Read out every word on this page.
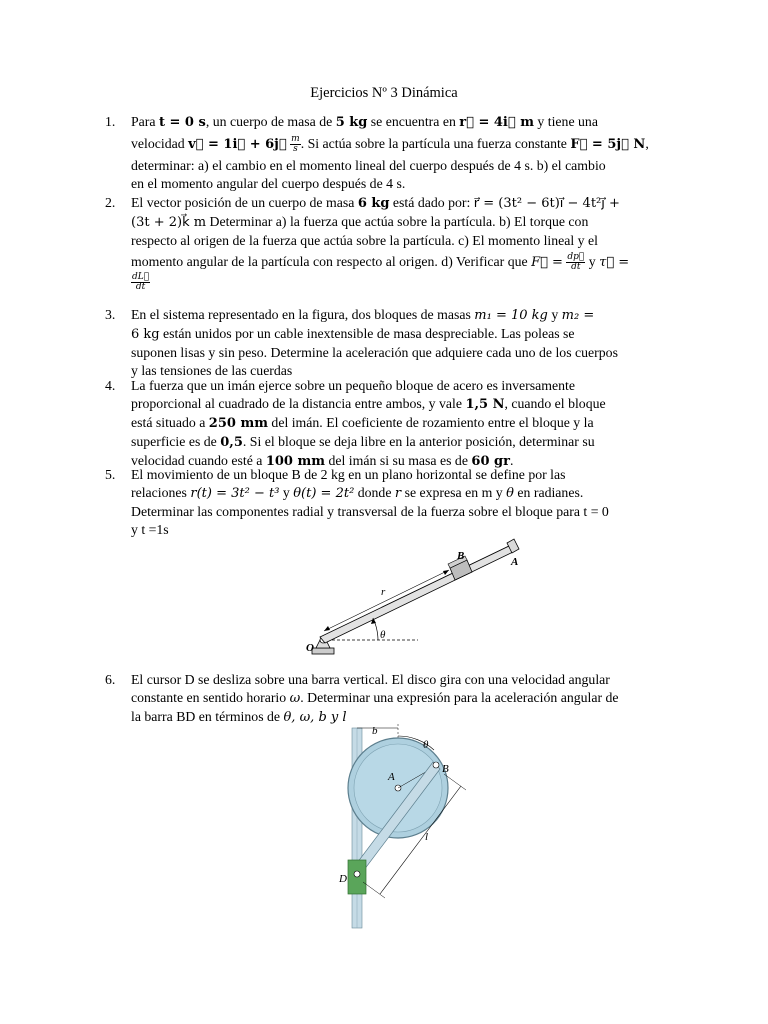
Ejercicios Nº 3 Dinámica
1. Para t = 0 s, un cuerpo de masa de 5 kg se encuentra en r⃗ = 4i⃗ m y tiene una

velocidad v⃗ = 1i⃗ + 6j⃗ $\frac{m}{s}$ . Si actúa sobre la partícula una fuerza constante F⃗ = 5j⃗ N,

determinar: a) el cambio en el momento lineal del cuerpo después de 4 s. b) el cambio

en el momento angular del cuerpo después de 4 s.

2. El vector posición de un cuerpo de masa 6 kg está dado por: r⃗ = (3t² − 6t)i⃗ − 4t²j⃗ +

(3t + 2)k⃗ m Determinar a) la fuerza que actúa sobre la partícula. b) El torque con

respecto al origen de la fuerza que actúa sobre la partícula. c) El momento lineal y el

momento angular de la partícula con respecto al origen. d) Verificar que F⃗ = $\frac{dp⃗}{dt}$ y τ⃗ =

$\frac{dL⃗}{dt}$

3. En el sistema representado en la figura, dos bloques de masas m₁ = 10 kg y m₂ =

6 kg están unidos por un cable inextensible de masa despreciable. Las poleas se

suponen lisas y sin peso. Determine la aceleración que adquiere cada uno de los cuerpos

y las tensiones de las cuerdas

4. La fuerza que un imán ejerce sobre un pequeño bloque de acero es inversamente

proporcional al cuadrado de la distancia entre ambos, y vale 1,5 N, cuando el bloque

está situado a 250 mm del imán. El coeficiente de rozamiento entre el bloque y la

superficie es de 0,5. Si el bloque se deja libre en la anterior posición, determinar su

velocidad cuando esté a 100 mm del imán si su masa es de 60 gr.

5. El movimiento de un bloque B de 2 kg en un plano horizontal se define por las

relaciones r(t) = 3t² − t³ y θ(t) = 2t² donde r se expresa en m y θ en radianes.

Determinar las componentes radial y transversal de la fuerza sobre el bloque para t = 0

y t =1s

B	A
r
θ
O
6. El cursor D se desliza sobre una barra vertical. El disco gira con una velocidad angular

constante en sentido horario ω. Determinar una expresión para la aceleración angular de

la barra BD en términos de θ, ω, b y l

b
θ
A
B
D
l
